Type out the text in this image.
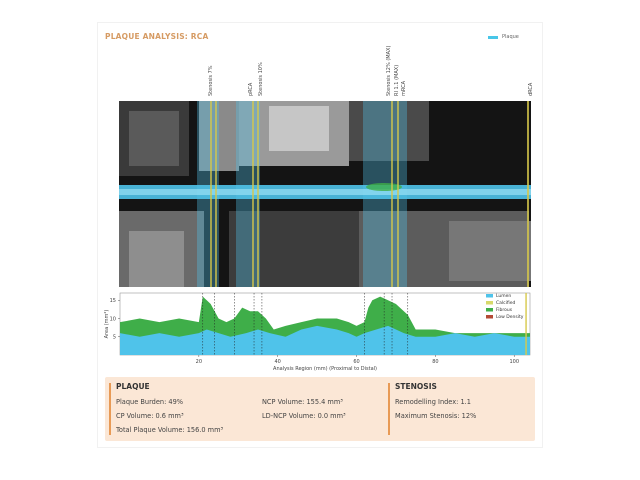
PLAQUE ANALYSIS: RCA	Plaque
Stenosis 7%	pRCA Stenosis 10%	Stenosis 12% (MAX) RI 1.1 (MAX) mRCA	dRCA
20	40	60	80	100
5
10
15
Analysis Region (mm) (Proximal to Distal)
Area (mm²)
Lumen
Calcified
Fibrous
Low Density
PLAQUE
Plaque Burden: 49%
CP Volume: 0.6 mm³
Total Plaque Volume: 156.0 mm³
NCP Volume: 155.4 mm³
LD-NCP Volume: 0.0 mm³
STENOSIS
Remodelling Index: 1.1
Maximum Stenosis: 12%
